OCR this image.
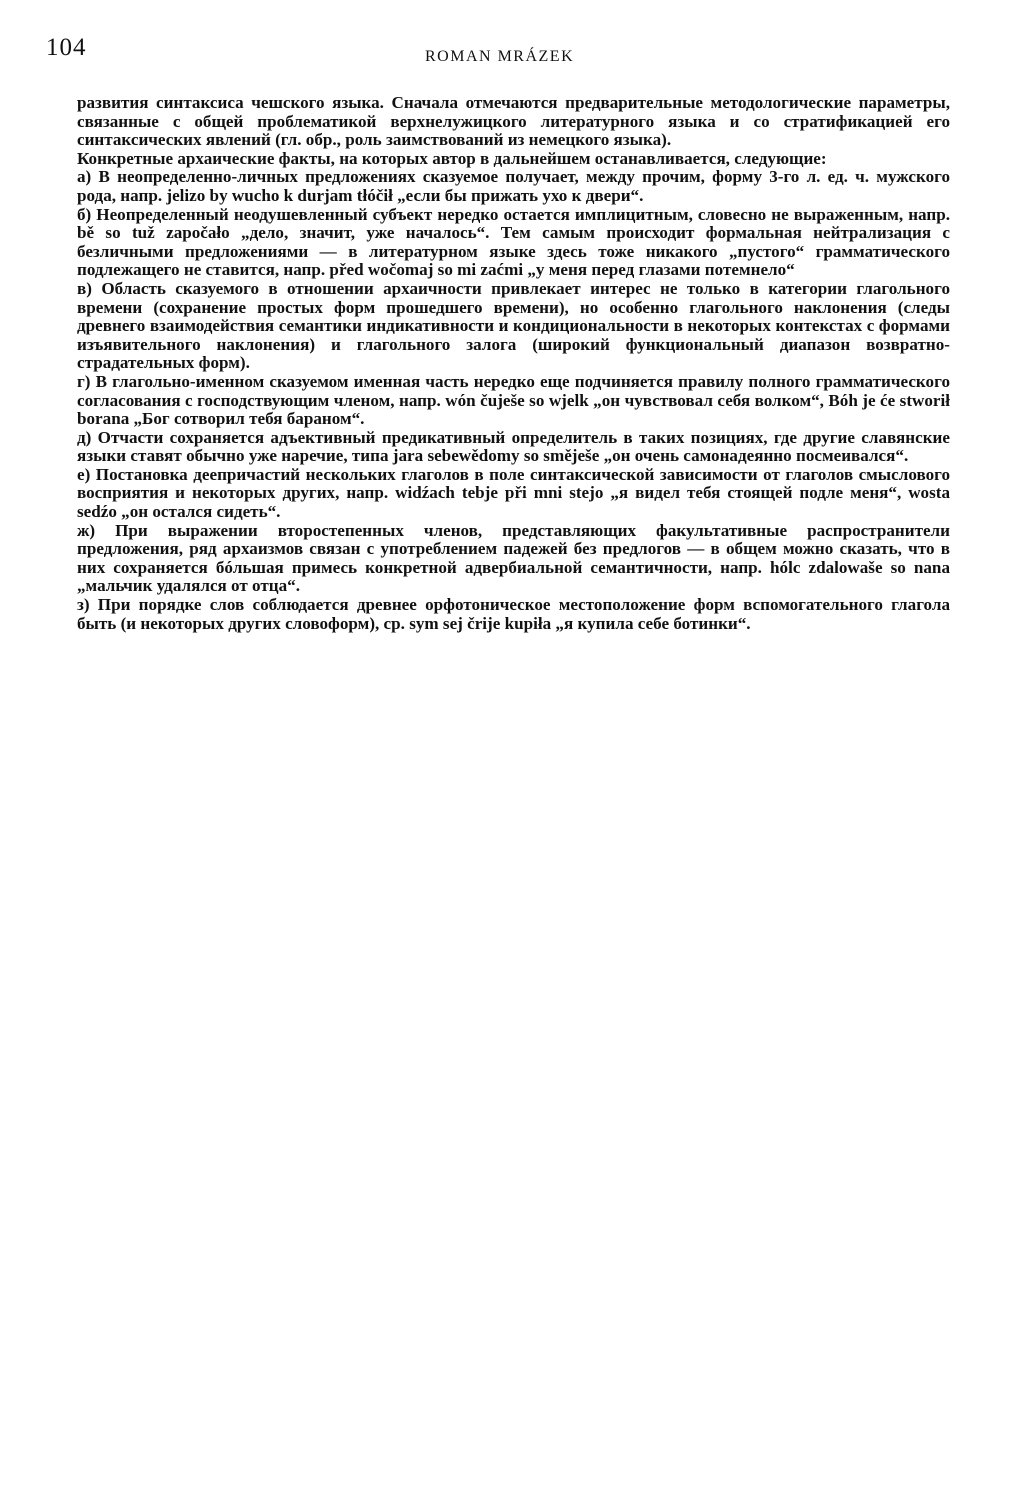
104	ROMAN MRÁZEK

развития синтаксиса чешского языка. Сначала отмечаются предварительные методологические параметры, связанные с общей проблематикой верхнелужицкого литературного языка и со стратификацией его синтаксических явлений (гл. обр., роль заимствований из немецкого языка).

Конкретные архаические факты, на которых автор в дальнейшем останавливается, следующие:

а) В неопределенно-личных предложениях сказуемое получает, между прочим, форму 3-го л. ед. ч. мужского рода, напр. jelizo by wucho k durjam tłóčił „если бы прижать ухо к двери“.

б) Неопределенный неодушевленный субъект нередко остается имплицитным, словесно не выраженным, напр. bě so tuž započało „дело, значит, уже началось“. Тем самым происходит формальная нейтрализация с безличными предложениями — в литературном языке здесь тоже никакого „пустого“ грамматического подлежащего не ставится, напр. před wočomaj so mi zaćmi „у меня перед глазами потемнело“

в) Область сказуемого в отношении архаичности привлекает интерес не только в категории глагольного времени (сохранение простых форм прошедшего времени), но особенно глагольного наклонения (следы древнего взаимодействия семантики индикативности и кондициональности в некоторых контекстах с формами изъявительного наклонения) и глагольного залога (широкий функциональный диапазон возвратно-страдательных форм).

г) В глагольно-именном сказуемом именная часть нередко еще подчиняется правилу полного грамматического согласования с господствующим членом, напр. wón čuješe so wjelk „он чувствовал себя волком“, Bóh je će stworił borana „Бог сотворил тебя бараном“.

д) Отчасти сохраняется адъективный предикативный определитель в таких позициях, где другие славянские языки ставят обычно уже наречие, типа jara sebewědomy so směješe „он очень самонадеянно посмеивался“.

е) Постановка деепричастий нескольких глаголов в поле синтаксической зависимости от глаголов смыслового восприятия и некоторых других, напр. widźach tebje při mni stejo „я видел тебя стоящей подле меня“, wosta sedźo „он остался сидеть“.

ж) При выражении второстепенных членов, представляющих факультативные распространители предложения, ряд архаизмов связан с употреблением падежей без предлогов — в общем можно сказать, что в них сохраняется бóльшая примесь конкретной адвербиальной семантичности, напр. hólc zdalowaše so nana „мальчик удалялся от отца“.

з) При порядке слов соблюдается древнее орфотоническое местоположение форм вспомогательного глагола быть (и некоторых других словоформ), ср. sym sej črije kupiła „я купила себе ботинки“.
